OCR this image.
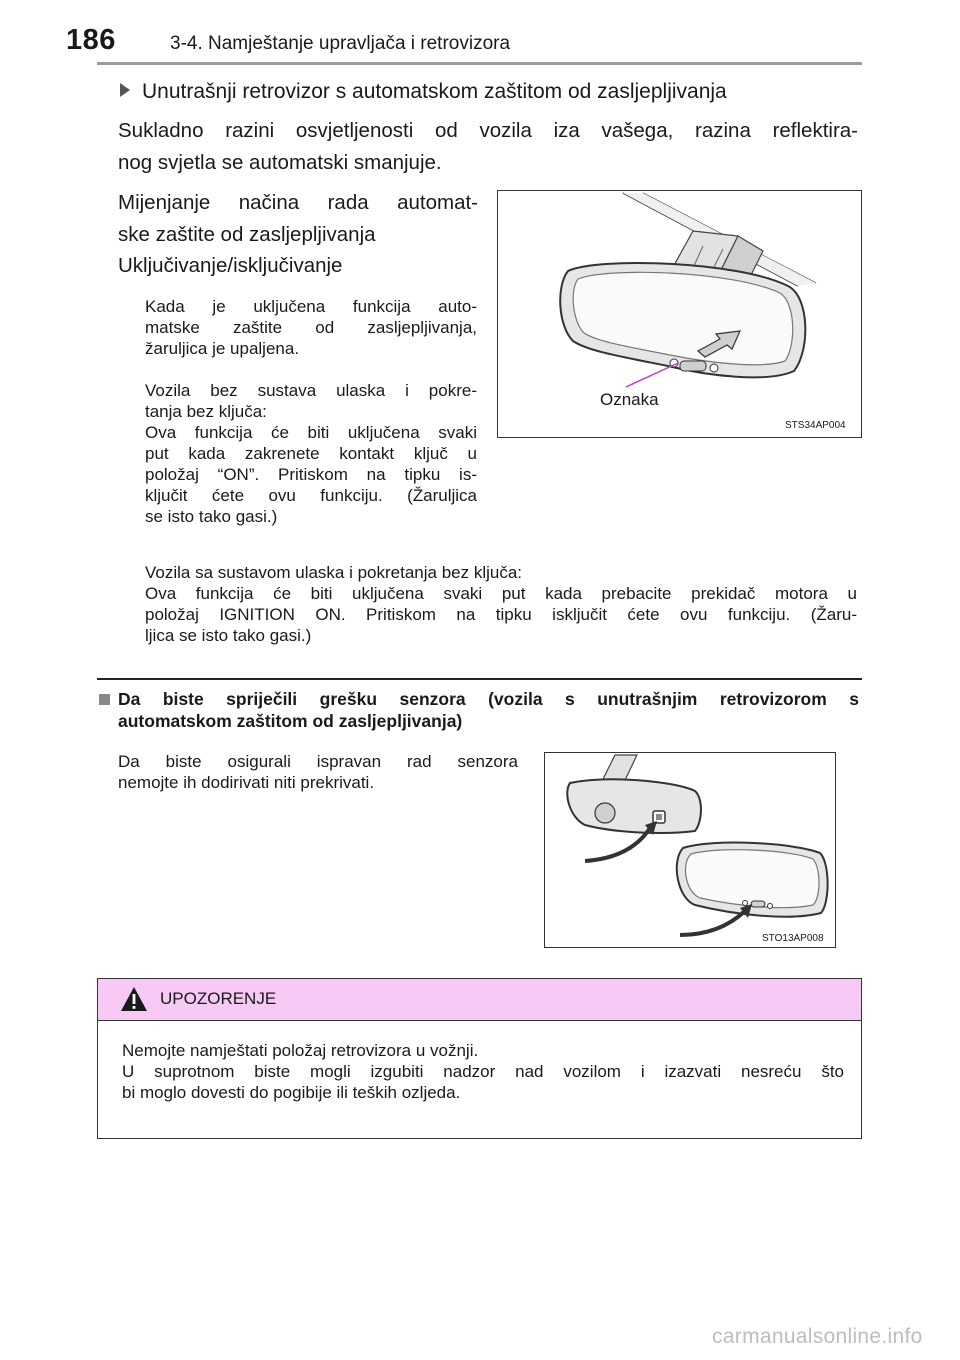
186	3-4. Namještanje upravljača i retrovizora
Unutrašnji retrovizor s automatskom zaštitom od zasljepljivanja
Sukladno razini osvjetljenosti od vozila iza vašega, razina reflektira-
nog svjetla se automatski smanjuje.
Mijenjanje načina rada automat-
ske zaštite od zasljepljivanja
Uključivanje/isključivanje
Kada je uključena funkcija auto-
matske zaštite od zasljepljivanja,
žaruljica je upaljena.
Vozila bez sustava ulaska i pokre-
tanja bez ključa:
Ova funkcija će biti uključena svaki
put kada zakrenete kontakt ključ u
položaj “ON”. Pritiskom na tipku is-
ključit ćete ovu funkciju. (Žaruljica
se isto tako gasi.)
Vozila sa sustavom ulaska i pokretanja bez ključa:
Ova funkcija će biti uključena svaki put kada prebacite prekidač motora u
položaj IGNITION ON. Pritiskom na tipku isključit ćete ovu funkciju. (Žaru-
ljica se isto tako gasi.)
Oznaka
STS34AP004
Da biste spriječili grešku senzora (vozila s unutrašnjim retrovizorom s
automatskom zaštitom od zasljepljivanja)
Da biste osigurali ispravan rad senzora
nemojte ih dodirivati niti prekrivati.
STO13AP008
UPOZORENJE
Nemojte namještati položaj retrovizora u vožnji.
U suprotnom biste mogli izgubiti nadzor nad vozilom i izazvati nesreću što
bi moglo dovesti do pogibije ili teških ozljeda.
carmanualsonline.info
